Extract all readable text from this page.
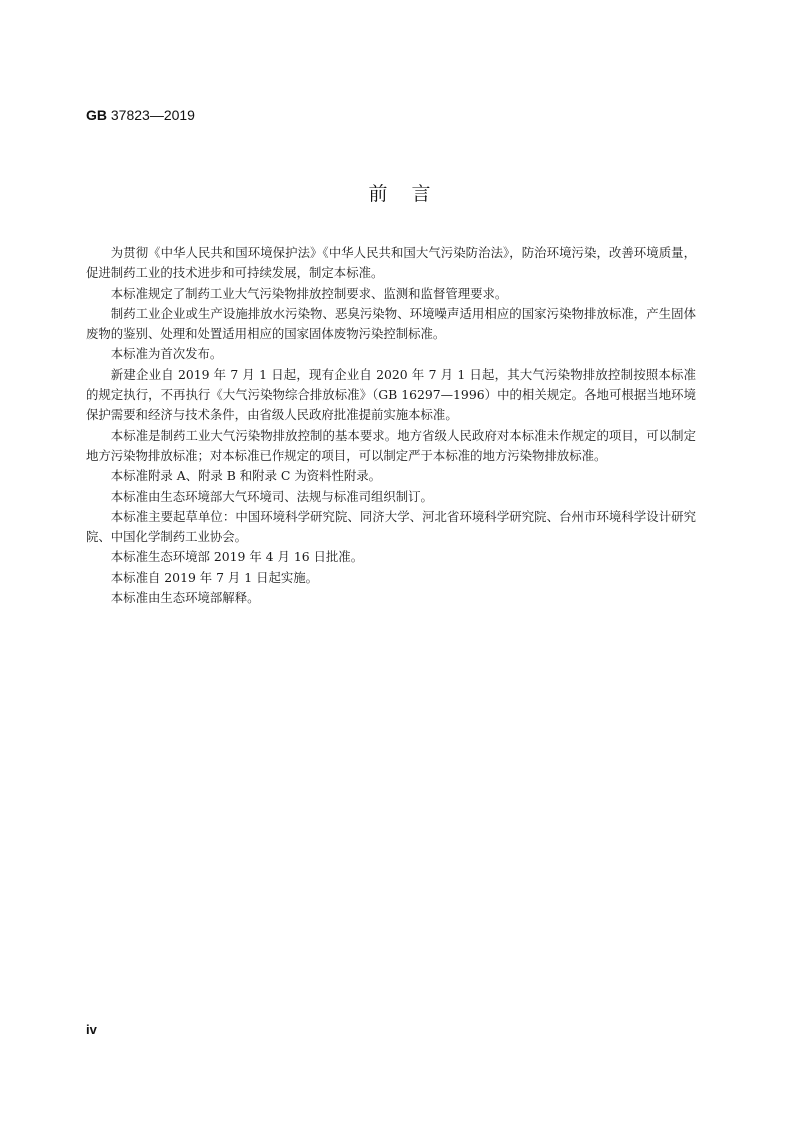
GB 37823—2019
前言

为贯彻《中华人民共和国环境保护法》《中华人民共和国大气污染防治法》，防治环境污染，改善环境质量，促进制药工业的技术进步和可持续发展，制定本标准。

本标准规定了制药工业大气污染物排放控制要求、监测和监督管理要求。

制药工业企业或生产设施排放水污染物、恶臭污染物、环境噪声适用相应的国家污染物排放标准，产生固体废物的鉴别、处理和处置适用相应的国家固体废物污染控制标准。

本标准为首次发布。

新建企业自 2019 年 7 月 1 日起，现有企业自 2020 年 7 月 1 日起，其大气污染物排放控制按照本标准的规定执行，不再执行《大气污染物综合排放标准》（GB 16297—1996）中的相关规定。各地可根据当地环境保护需要和经济与技术条件，由省级人民政府批准提前实施本标准。

本标准是制药工业大气污染物排放控制的基本要求。地方省级人民政府对本标准未作规定的项目，可以制定地方污染物排放标准；对本标准已作规定的项目，可以制定严于本标准的地方污染物排放标准。

本标准附录 A、附录 B 和附录 C 为资料性附录。

本标准由生态环境部大气环境司、法规与标准司组织制订。

本标准主要起草单位：中国环境科学研究院、同济大学、河北省环境科学研究院、台州市环境科学设计研究院、中国化学制药工业协会。

本标准生态环境部 2019 年 4 月 16 日批准。

本标准自 2019 年 7 月 1 日起实施。

本标准由生态环境部解释。

iv
